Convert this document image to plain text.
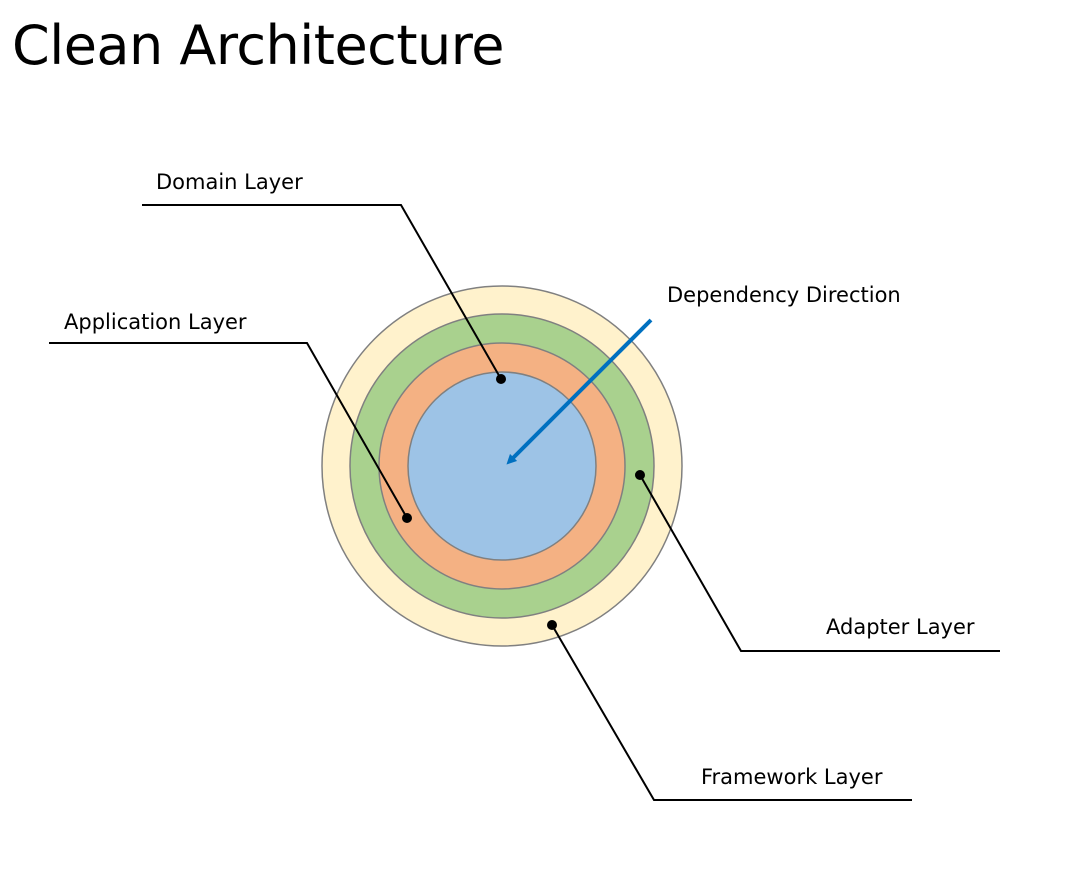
Clean Architecture
Domain Layer
Application Layer
Dependency Direction
Adapter Layer
Framework Layer
